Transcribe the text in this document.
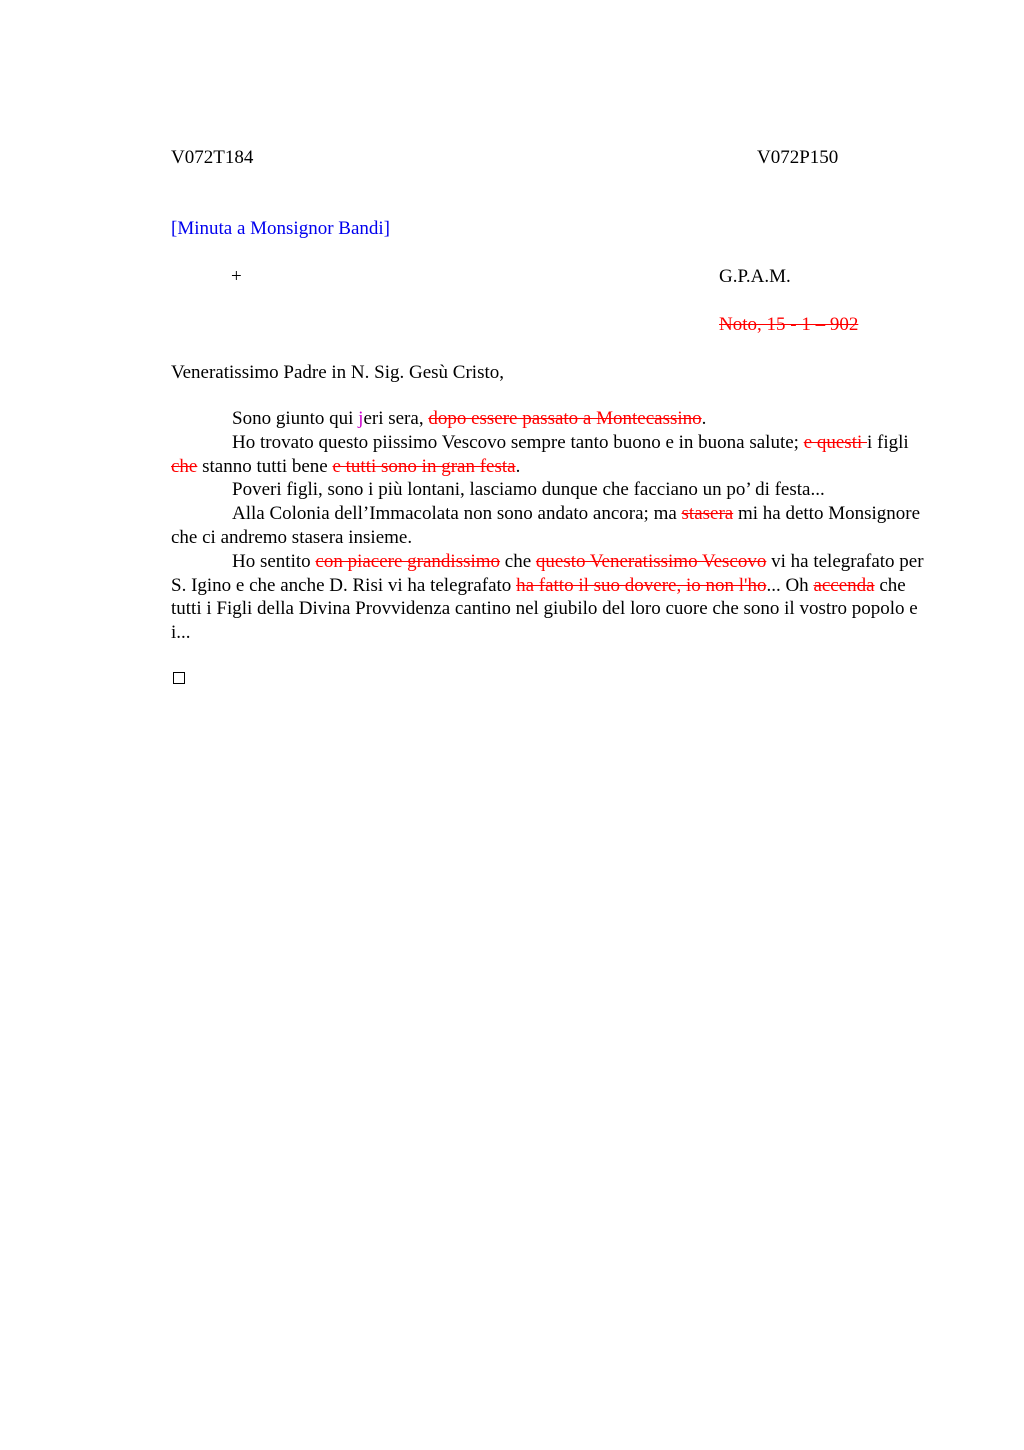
V072T184	V072P150
[Minuta a Monsignor Bandi]
+	G.P.A.M.
Noto, 15 - 1 – 902
Veneratissimo Padre in N. Sig. Gesù Cristo,

Sono giunto qui jeri sera, dopo essere passato a Montecassino.

Ho trovato questo piissimo Vescovo sempre tanto buono e in buona salute; e questi i figli che stanno tutti bene e tutti sono in gran festa.

Poveri figli, sono i più lontani, lasciamo dunque che facciano un po’ di festa...

Alla Colonia dell’Immacolata non sono andato ancora; ma stasera mi ha detto Monsignore che ci andremo stasera insieme.

Ho sentito con piacere grandissimo che questo Veneratissimo Vescovo vi ha telegrafato per S. Igino e che anche D. Risi vi ha telegrafato ha fatto il suo dovere, io non l'ho... Oh accenda che tutti i Figli della Divina Provvidenza cantino nel giubilo del loro cuore che sono il vostro popolo e i...
